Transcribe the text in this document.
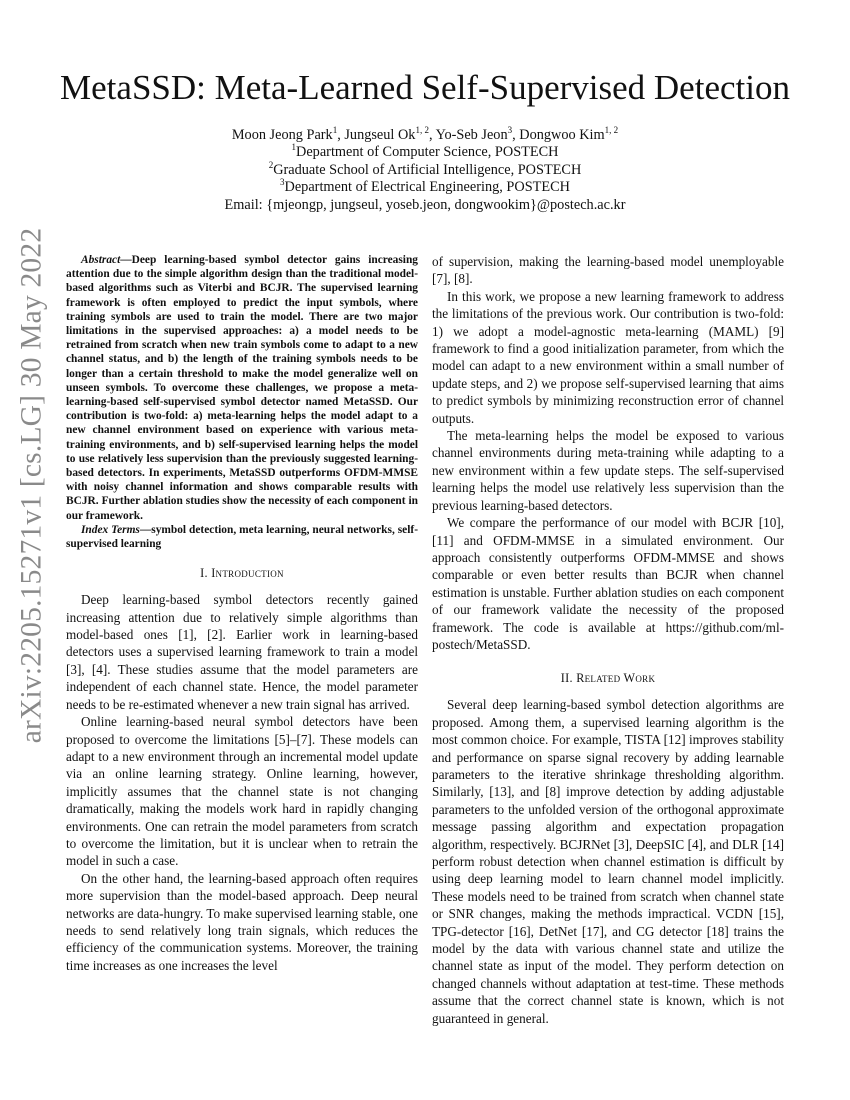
arXiv:2205.15271v1 [cs.LG] 30 May 2022
MetaSSD: Meta-Learned Self-Supervised Detection
Moon Jeong Park$^1$, Jungseul Ok$^{1, 2}$, Yo-Seb Jeon$^3$, Dongwoo Kim$^{1, 2}$
$^1$Department of Computer Science, POSTECH
$^2$Graduate School of Artificial Intelligence, POSTECH
$^3$Department of Electrical Engineering, POSTECH
Email: {mjeongp, jungseul, yoseb.jeon, dongwookim}@postech.ac.kr

Abstract—Deep learning-based symbol detector gains increasing attention due to the simple algorithm design than the traditional model-based algorithms such as Viterbi and BCJR. The supervised learning framework is often employed to predict the input symbols, where training symbols are used to train the model. There are two major limitations in the supervised approaches: a) a model needs to be retrained from scratch when new train symbols come to adapt to a new channel status, and b) the length of the training symbols needs to be longer than a certain threshold to make the model generalize well on unseen symbols. To overcome these challenges, we propose a meta-learning-based self-supervised symbol detector named MetaSSD. Our contribution is two-fold: a) meta-learning helps the model adapt to a new channel environment based on experience with various meta-training environments, and b) self-supervised learning helps the model to use relatively less supervision than the previously suggested learning-based detectors. In experiments, MetaSSD outperforms OFDM-MMSE with noisy channel information and shows comparable results with BCJR. Further ablation studies show the necessity of each component in our framework.

Index Terms—symbol detection, meta learning, neural networks, self-supervised learning

I. Introduction

Deep learning-based symbol detectors recently gained increasing attention due to relatively simple algorithms than model-based ones [1], [2]. Earlier work in learning-based detectors uses a supervised learning framework to train a model [3], [4]. These studies assume that the model parameters are independent of each channel state. Hence, the model parameter needs to be re-estimated whenever a new train signal has arrived.

Online learning-based neural symbol detectors have been proposed to overcome the limitations [5]–[7]. These models can adapt to a new environment through an incremental model update via an online learning strategy. Online learning, however, implicitly assumes that the channel state is not changing dramatically, making the models work hard in rapidly changing environments. One can retrain the model parameters from scratch to overcome the limitation, but it is unclear when to retrain the model in such a case.

On the other hand, the learning-based approach often requires more supervision than the model-based approach. Deep neural networks are data-hungry. To make supervised learning stable, one needs to send relatively long train signals, which reduces the efficiency of the communication systems. Moreover, the training time increases as one increases the level

of supervision, making the learning-based model unemployable [7], [8].

In this work, we propose a new learning framework to address the limitations of the previous work. Our contribution is two-fold: 1) we adopt a model-agnostic meta-learning (MAML) [9] framework to find a good initialization parameter, from which the model can adapt to a new environment within a small number of update steps, and 2) we propose self-supervised learning that aims to predict symbols by minimizing reconstruction error of channel outputs.

The meta-learning helps the model be exposed to various channel environments during meta-training while adapting to a new environment within a few update steps. The self-supervised learning helps the model use relatively less supervision than the previous learning-based detectors.

We compare the performance of our model with BCJR [10], [11] and OFDM-MMSE in a simulated environment. Our approach consistently outperforms OFDM-MMSE and shows comparable or even better results than BCJR when channel estimation is unstable. Further ablation studies on each component of our framework validate the necessity of the proposed framework. The code is available at https://github.com/ml-postech/MetaSSD.

II. Related Work

Several deep learning-based symbol detection algorithms are proposed. Among them, a supervised learning algorithm is the most common choice. For example, TISTA [12] improves stability and performance on sparse signal recovery by adding learnable parameters to the iterative shrinkage thresholding algorithm. Similarly, [13], and [8] improve detection by adding adjustable parameters to the unfolded version of the orthogonal approximate message passing algorithm and expectation propagation algorithm, respectively. BCJRNet [3], DeepSIC [4], and DLR [14] perform robust detection when channel estimation is difficult by using deep learning model to learn channel model implicitly. These models need to be trained from scratch when channel state or SNR changes, making the methods impractical. VCDN [15], TPG-detector [16], DetNet [17], and CG detector [18] trains the model by the data with various channel state and utilize the channel state as input of the model. They perform detection on changed channels without adaptation at test-time. These methods assume that the correct channel state is known, which is not guaranteed in general.
